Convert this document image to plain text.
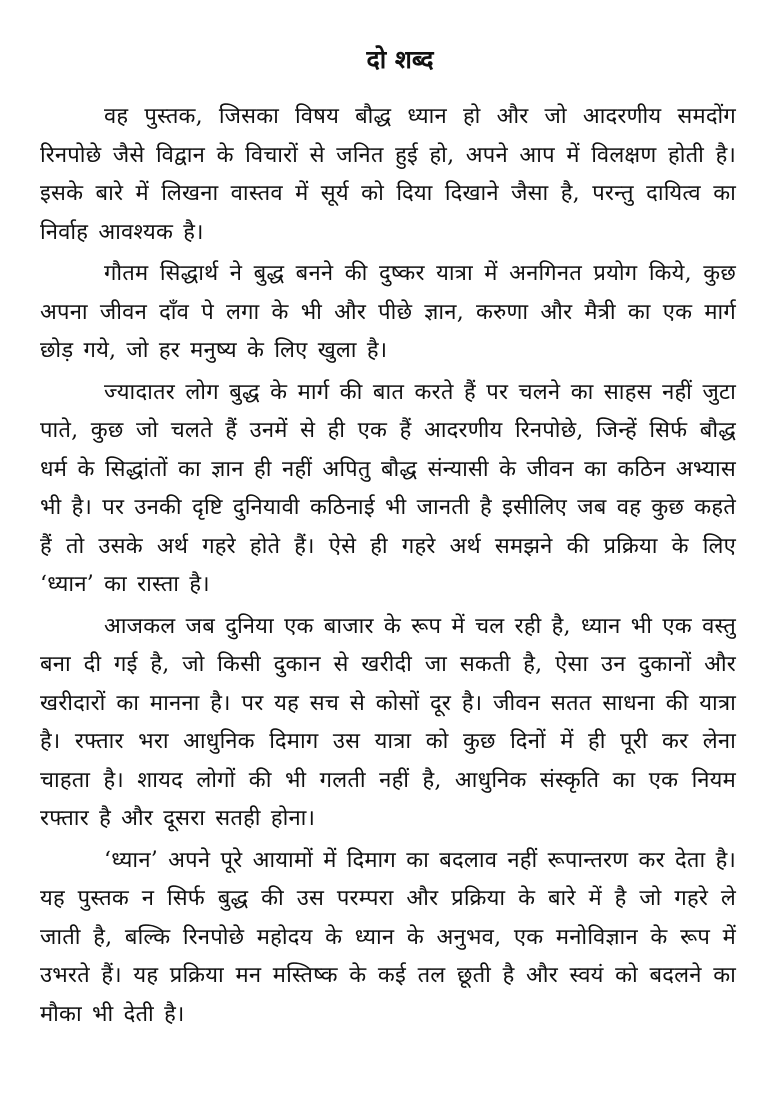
दो शब्द

वह पुस्तक, जिसका विषय बौद्ध ध्यान हो और जो आदरणीय समदोंग रिनपोछे जैसे विद्वान के विचारों से जनित हुई हो, अपने आप में विलक्षण होती है। इसके बारे में लिखना वास्तव में सूर्य को दिया दिखाने जैसा है, परन्तु दायित्व का निर्वाह आवश्यक है।

गौतम सिद्धार्थ ने बुद्ध बनने की दुष्कर यात्रा में अनगिनत प्रयोग किये, कुछ अपना जीवन दाँव पे लगा के भी और पीछे ज्ञान, करुणा और मैत्री का एक मार्ग छोड़ गये, जो हर मनुष्य के लिए खुला है।

ज्यादातर लोग बुद्ध के मार्ग की बात करते हैं पर चलने का साहस नहीं जुटा पाते, कुछ जो चलते हैं उनमें से ही एक हैं आदरणीय रिनपोछे, जिन्हें सिर्फ बौद्ध धर्म के सिद्धांतों का ज्ञान ही नहीं अपितु बौद्ध संन्यासी के जीवन का कठिन अभ्यास भी है। पर उनकी दृष्टि दुनियावी कठिनाई भी जानती है इसीलिए जब वह कुछ कहते हैं तो उसके अर्थ गहरे होते हैं। ऐसे ही गहरे अर्थ समझने की प्रक्रिया के लिए ‘ध्यान’ का रास्ता है।

आजकल जब दुनिया एक बाजार के रूप में चल रही है, ध्यान भी एक वस्तु बना दी गई है, जो किसी दुकान से खरीदी जा सकती है, ऐसा उन दुकानों और खरीदारों का मानना है। पर यह सच से कोसों दूर है। जीवन सतत साधना की यात्रा है। रफ्तार भरा आधुनिक दिमाग उस यात्रा को कुछ दिनों में ही पूरी कर लेना चाहता है। शायद लोगों की भी गलती नहीं है, आधुनिक संस्कृति का एक नियम रफ्तार है और दूसरा सतही होना।

‘ध्यान’ अपने पूरे आयामों में दिमाग का बदलाव नहीं रूपान्तरण कर देता है। यह पुस्तक न सिर्फ बुद्ध की उस परम्परा और प्रक्रिया के बारे में है जो गहरे ले जाती है, बल्कि रिनपोछे महोदय के ध्यान के अनुभव, एक मनोविज्ञान के रूप में उभरते हैं। यह प्रक्रिया मन मस्तिष्क के कई तल छूती है और स्वयं को बदलने का मौका भी देती है।
